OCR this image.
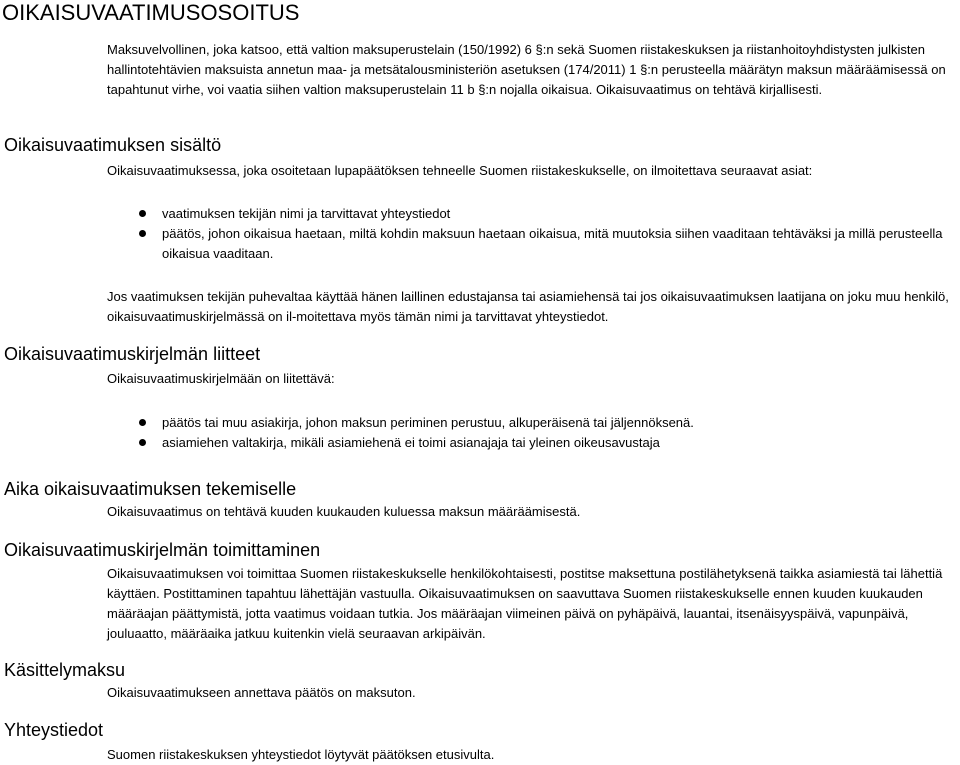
OIKAISUVAATIMUSOSOITUS

Maksuvelvollinen, joka katsoo, että valtion maksuperustelain (150/1992) 6 §:n sekä Suomen riistakeskuksen ja riistanhoitoyhdistysten julkisten hallintotehtävien maksuista annetun maa- ja metsätalousministeriön asetuksen (174/2011) 1 §:n perusteella määrätyn maksun määräämisessä on tapahtunut virhe, voi vaatia siihen valtion maksuperustelain 11 b §:n nojalla oikaisua. Oikaisuvaatimus on tehtävä kirjallisesti.

Oikaisuvaatimuksen sisältö

Oikaisuvaatimuksessa, joka osoitetaan lupapäätöksen tehneelle Suomen riistakeskukselle, on ilmoitettava seuraavat asiat:

vaatimuksen tekijän nimi ja tarvittavat yhteystiedot
päätös, johon oikaisua haetaan, miltä kohdin maksuun haetaan oikaisua, mitä muutoksia siihen vaaditaan tehtäväksi ja millä perusteella oikaisua vaaditaan.

Jos vaatimuksen tekijän puhevaltaa käyttää hänen laillinen edustajansa tai asiamiehensä tai jos oikaisuvaatimuksen laatijana on joku muu henkilö, oikaisuvaatimuskirjelmässä on il-moitettava myös tämän nimi ja tarvittavat yhteystiedot.

Oikaisuvaatimuskirjelmän liitteet

Oikaisuvaatimuskirjelmään on liitettävä:

päätös tai muu asiakirja, johon maksun periminen perustuu, alkuperäisenä tai jäljennöksenä.
asiamiehen valtakirja, mikäli asiamiehenä ei toimi asianajaja tai yleinen oikeusavustaja
Aika oikaisuvaatimuksen tekemiselle

Oikaisuvaatimus on tehtävä kuuden kuukauden kuluessa maksun määräämisestä.

Oikaisuvaatimuskirjelmän toimittaminen

Oikaisuvaatimuksen voi toimittaa Suomen riistakeskukselle henkilökohtaisesti, postitse maksettuna postilähetyksenä taikka asiamiestä tai lähettiä käyttäen. Postittaminen tapahtuu lähettäjän vastuulla. Oikaisuvaatimuksen on saavuttava Suomen riistakeskukselle ennen kuuden kuukauden määräajan päättymistä, jotta vaatimus voidaan tutkia. Jos määräajan viimeinen päivä on pyhäpäivä, lauantai, itsenäisyyspäivä, vapunpäivä, jouluaatto, määräaika jatkuu kuitenkin vielä seuraavan arkipäivän.

Käsittelymaksu

Oikaisuvaatimukseen annettava päätös on maksuton.

Yhteystiedot

Suomen riistakeskuksen yhteystiedot löytyvät päätöksen etusivulta.
